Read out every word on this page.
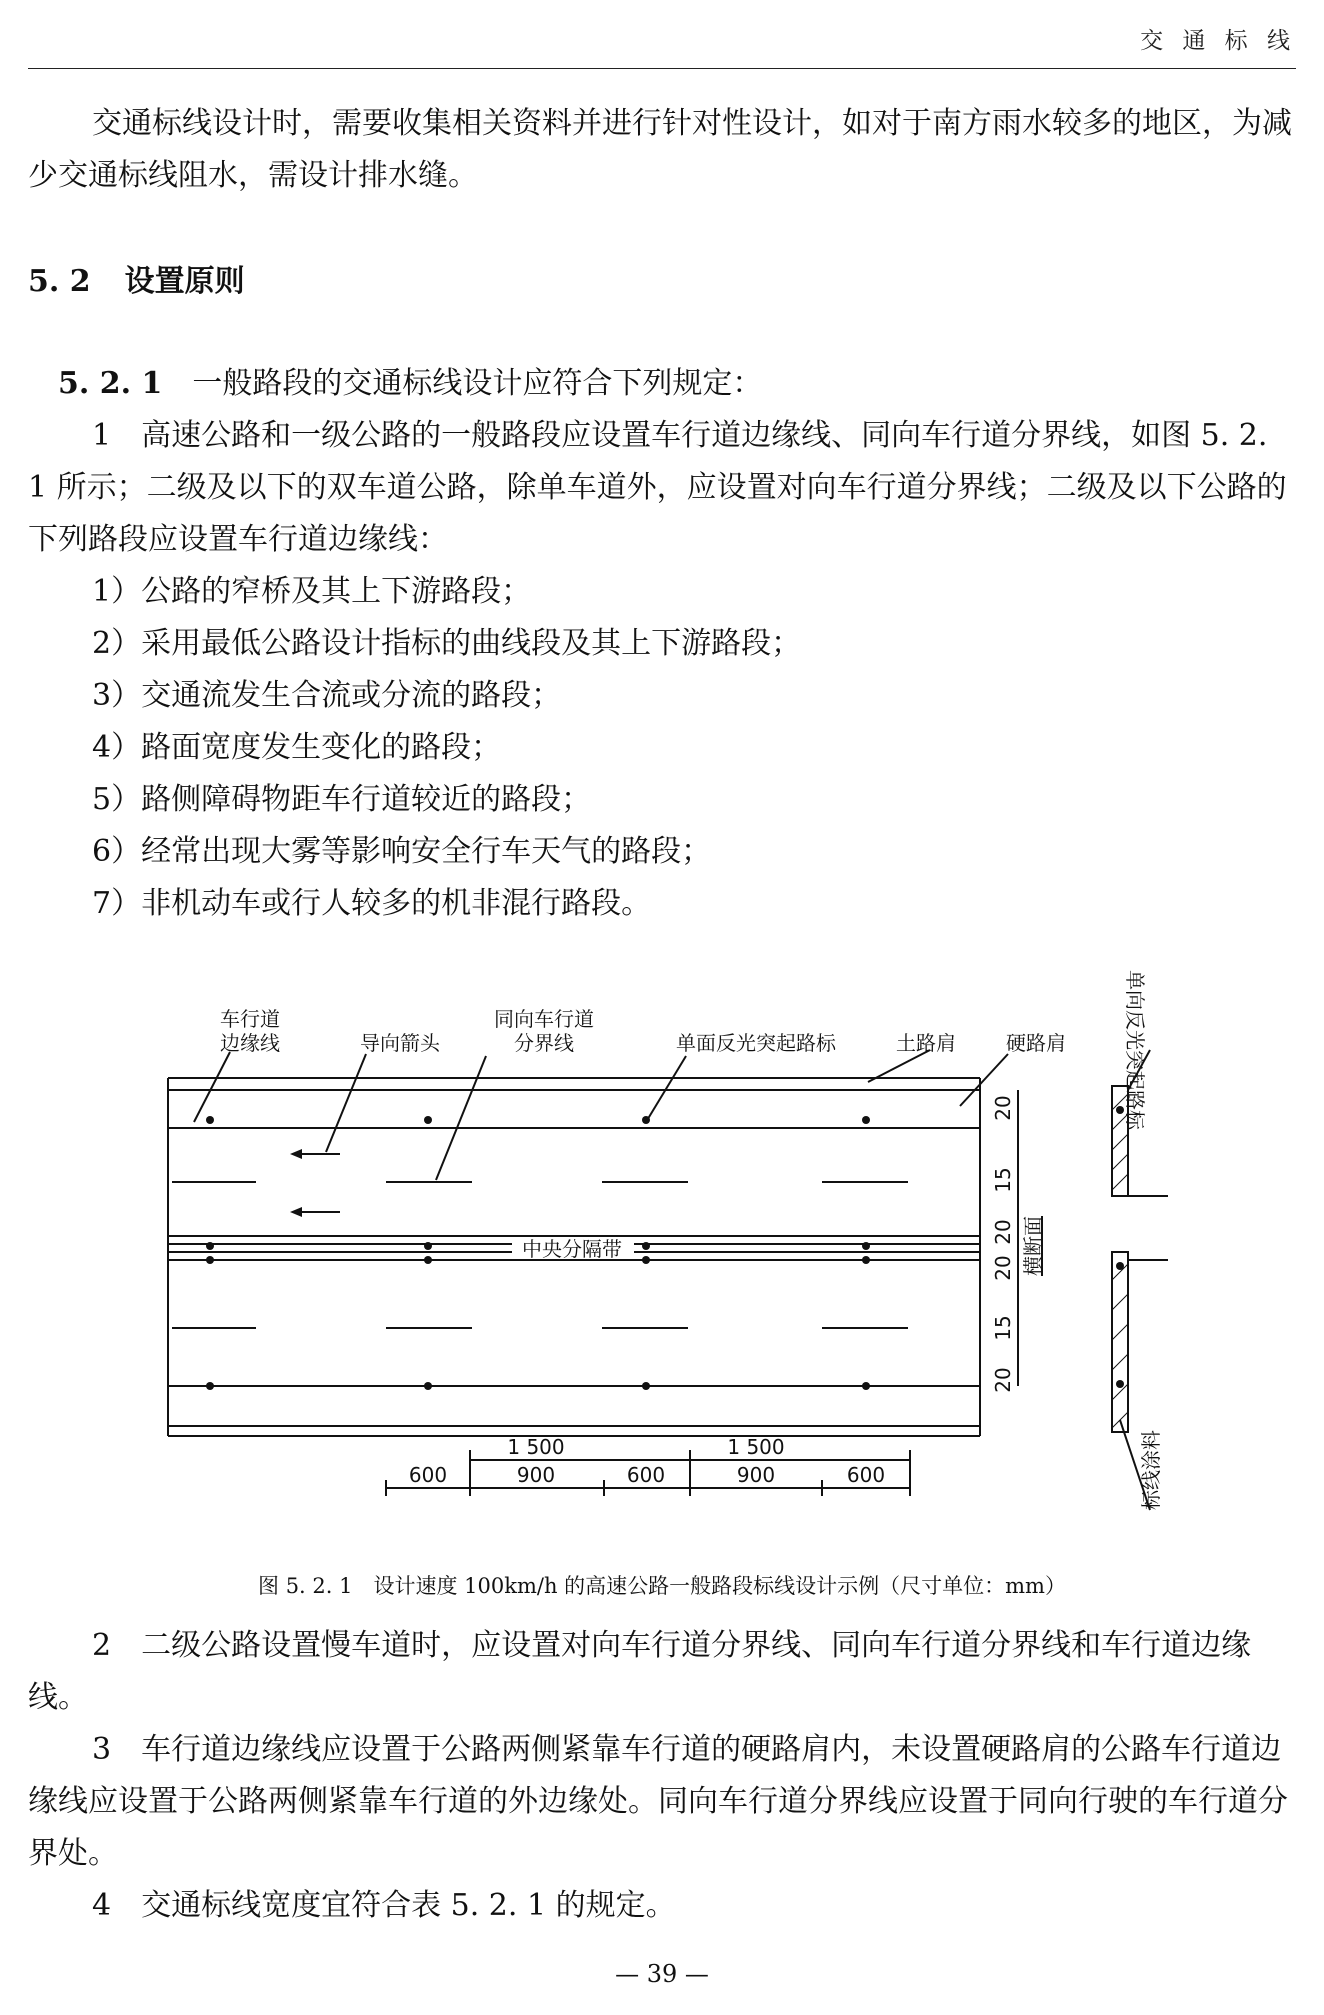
交 通 标 线

交通标线设计时，需要收集相关资料并进行针对性设计，如对于南方雨水较多的地区，为减少交通标线阻水，需设计排水缝。

5. 2 设置原则
5. 2. 1　 一般路段的交通标线设计应符合下列规定：

1　高速公路和一级公路的一般路段应设置车行道边缘线、同向车行道分界线，如图 5. 2. 1 所示；二级及以下的双车道公路，除单车道外，应设置对向车行道分界线；二级及以下公路的下列路段应设置车行道边缘线：

1）公路的窄桥及其上下游路段；
2）采用最低公路设计指标的曲线段及其上下游路段；
3）交通流发生合流或分流的路段；
4）路面宽度发生变化的路段；
5）路侧障碍物距车行道较近的路段；
6）经常出现大雾等影响安全行车天气的路段；
7）非机动车或行人较多的机非混行路段。
车行道
边缘线	导向箭头
同向车行道
分界线	单面反光突起路标	土路肩	硬路肩
中央分隔带	横断面
单向反光突起路标
标线涂料
20
15
20
20
15
20
1 500	1 500
600	900	600	900	600
图 5. 2. 1　设计速度 100km/h 的高速公路一般路段标线设计示例（尺寸单位：mm）

2　二级公路设置慢车道时，应设置对向车行道分界线、同向车行道分界线和车行道边缘线。

3　车行道边缘线应设置于公路两侧紧靠车行道的硬路肩内，未设置硬路肩的公路车行道边缘线应设置于公路两侧紧靠车行道的外边缘处。同向车行道分界线应设置于同向行驶的车行道分界处。

4　交通标线宽度宜符合表 5. 2. 1 的规定。

— 39 —
